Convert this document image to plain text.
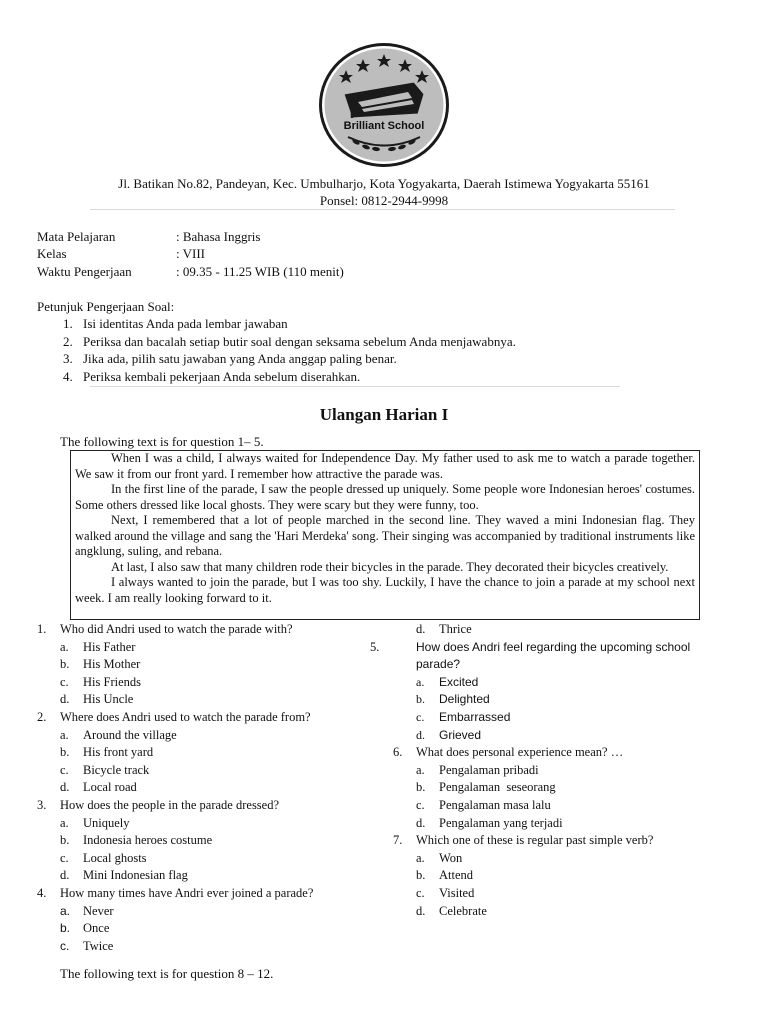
Brilliant School
Jl. Batikan No.82, Pandeyan, Kec. Umbulharjo, Kota Yogyakarta, Daerah Istimewa Yogyakarta 55161
Ponsel: 0812-2944-9998
Mata Pelajaran	: Bahasa Inggris
Kelas	: VIII
Waktu Pengerjaan	: 09.35 - 11.25 WIB (110 menit)
Petunjuk Pengerjaan Soal:
1. Isi identitas Anda pada lembar jawaban
2. Periksa dan bacalah setiap butir soal dengan seksama sebelum Anda menjawabnya.
3. Jika ada, pilih satu jawaban yang Anda anggap paling benar.
4. Periksa kembali pekerjaan Anda sebelum diserahkan.
Ulangan Harian I
The following text is for question 1– 5.

When I was a child, I always waited for Independence Day. My father used to ask me to watch a parade together. We saw it from our front yard. I remember how attractive the parade was.

In the first line of the parade, I saw the people dressed up uniquely. Some people wore Indonesian heroes' costumes. Some others dressed like local ghosts. They were scary but they were funny, too.

Next, I remembered that a lot of people marched in the second line. They waved a mini Indonesian flag. They walked around the village and sang the 'Hari Merdeka' song. Their singing was accompanied by traditional instruments like angklung, suling, and rebana.

At last, I also saw that many children rode their bicycles in the parade. They decorated their bicycles creatively.

I always wanted to join the parade, but I was too shy. Luckily, I have the chance to join a parade at my school next week. I am really looking forward to it.

1. Who did Andri used to watch the parade with?
a. His Father
b. His Mother
c. His Friends
d. His Uncle
2. Where does Andri used to watch the parade from?
a. Around the village
b. His front yard
c. Bicycle track
d. Local road
3. How does the people in the parade dressed?
a. Uniquely
b. Indonesia heroes costume
c. Local ghosts
d. Mini Indonesian flag
4. How many times have Andri ever joined a parade?
a. Never
b. Once
c. Twice
d. Thrice
5.	How does Andri feel regarding the upcoming school parade?
a. Excited
b. Delighted
c. Embarrassed
d. Grieved
6. What does personal experience mean? …
a. Pengalaman pribadi
b. Pengalaman  seseorang
c. Pengalaman masa lalu
d. Pengalaman yang terjadi
7. Which one of these is regular past simple verb?
a. Won
b. Attend
c. Visited
d. Celebrate
The following text is for question 8 – 12.
